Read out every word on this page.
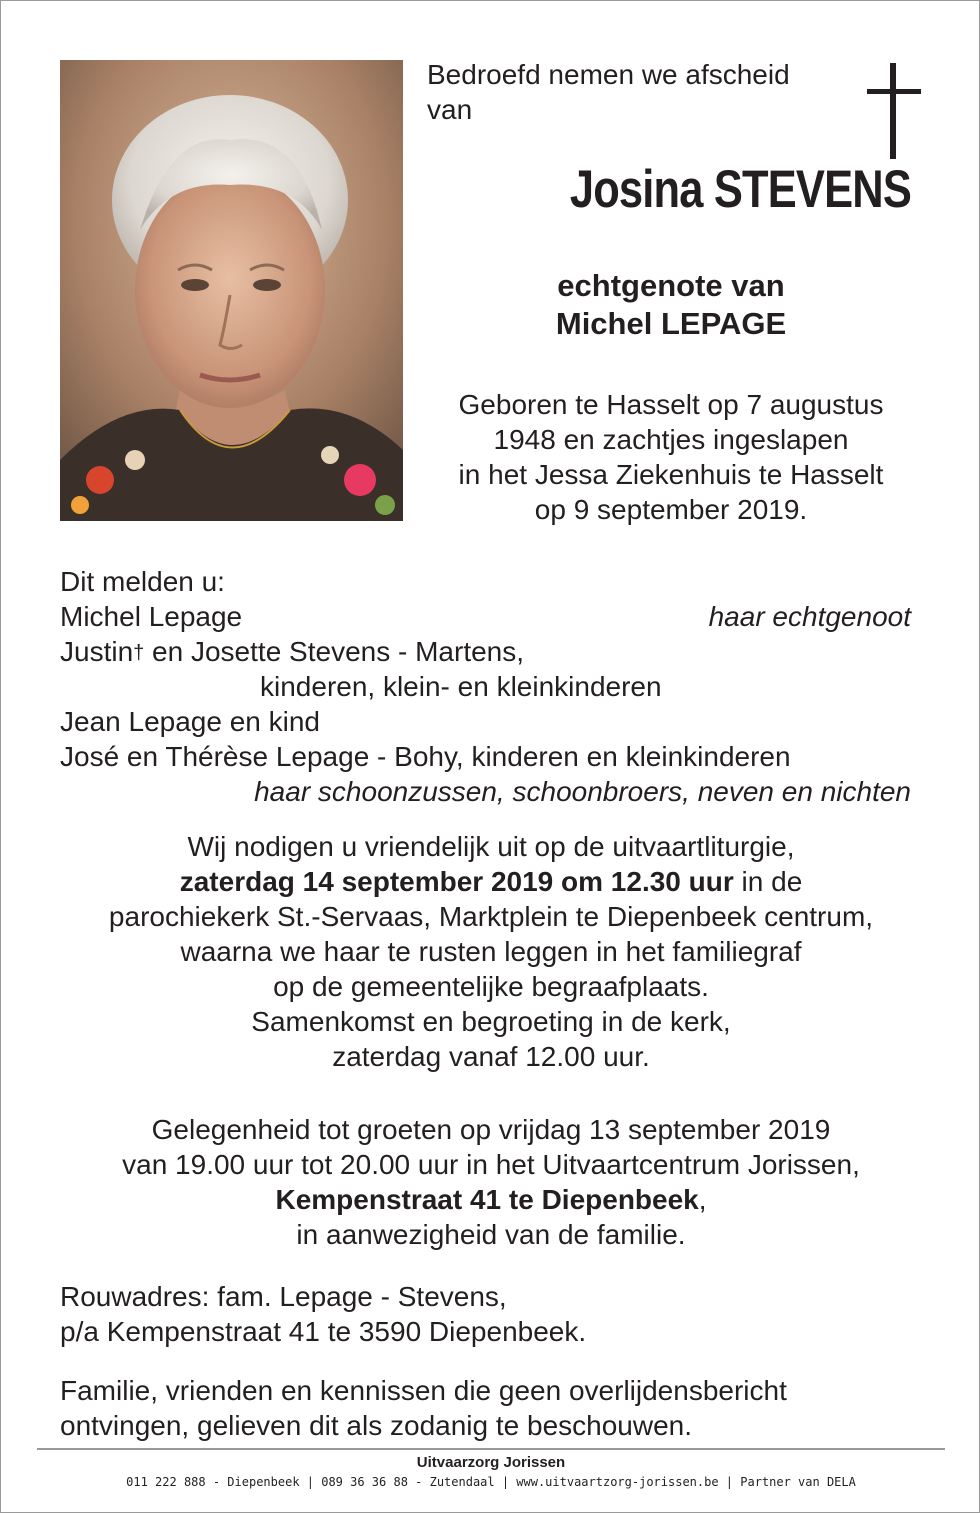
Bedroefd nemen we afscheid
van
Josina STEVENS
echtgenote van
Michel LEPAGE
Geboren te Hasselt op 7 augustus
1948 en zachtjes ingeslapen
in het Jessa Ziekenhuis te Hasselt
op 9 september 2019.
Dit melden u:
Michel Lepage	haar echtgenoot
Justin† en Josette Stevens - Martens,
kinderen, klein- en kleinkinderen
Jean Lepage en kind
José en Thérèse Lepage - Bohy, kinderen en kleinkinderen
haar schoonzussen, schoonbroers, neven en nichten
Wij nodigen u vriendelijk uit op de uitvaartliturgie,
zaterdag 14 september 2019 om 12.30 uur in de
parochiekerk St.-Servaas, Marktplein te Diepenbeek centrum,
waarna we haar te rusten leggen in het familiegraf
op de gemeentelijke begraafplaats.
Samenkomst en begroeting in de kerk,
zaterdag vanaf 12.00 uur.
Gelegenheid tot groeten op vrijdag 13 september 2019
van 19.00 uur tot 20.00 uur in het Uitvaartcentrum Jorissen,
Kempenstraat 41 te Diepenbeek,
in aanwezigheid van de familie.
Rouwadres: fam. Lepage - Stevens,
p/a Kempenstraat 41 te 3590 Diepenbeek.
Familie, vrienden en kennissen die geen overlijdensbericht
ontvingen, gelieven dit als zodanig te beschouwen.
Uitvaarzorg Jorissen
011 222 888 - Diepenbeek | 089 36 36 88 - Zutendaal | www.uitvaartzorg-jorissen.be | Partner van DELA
